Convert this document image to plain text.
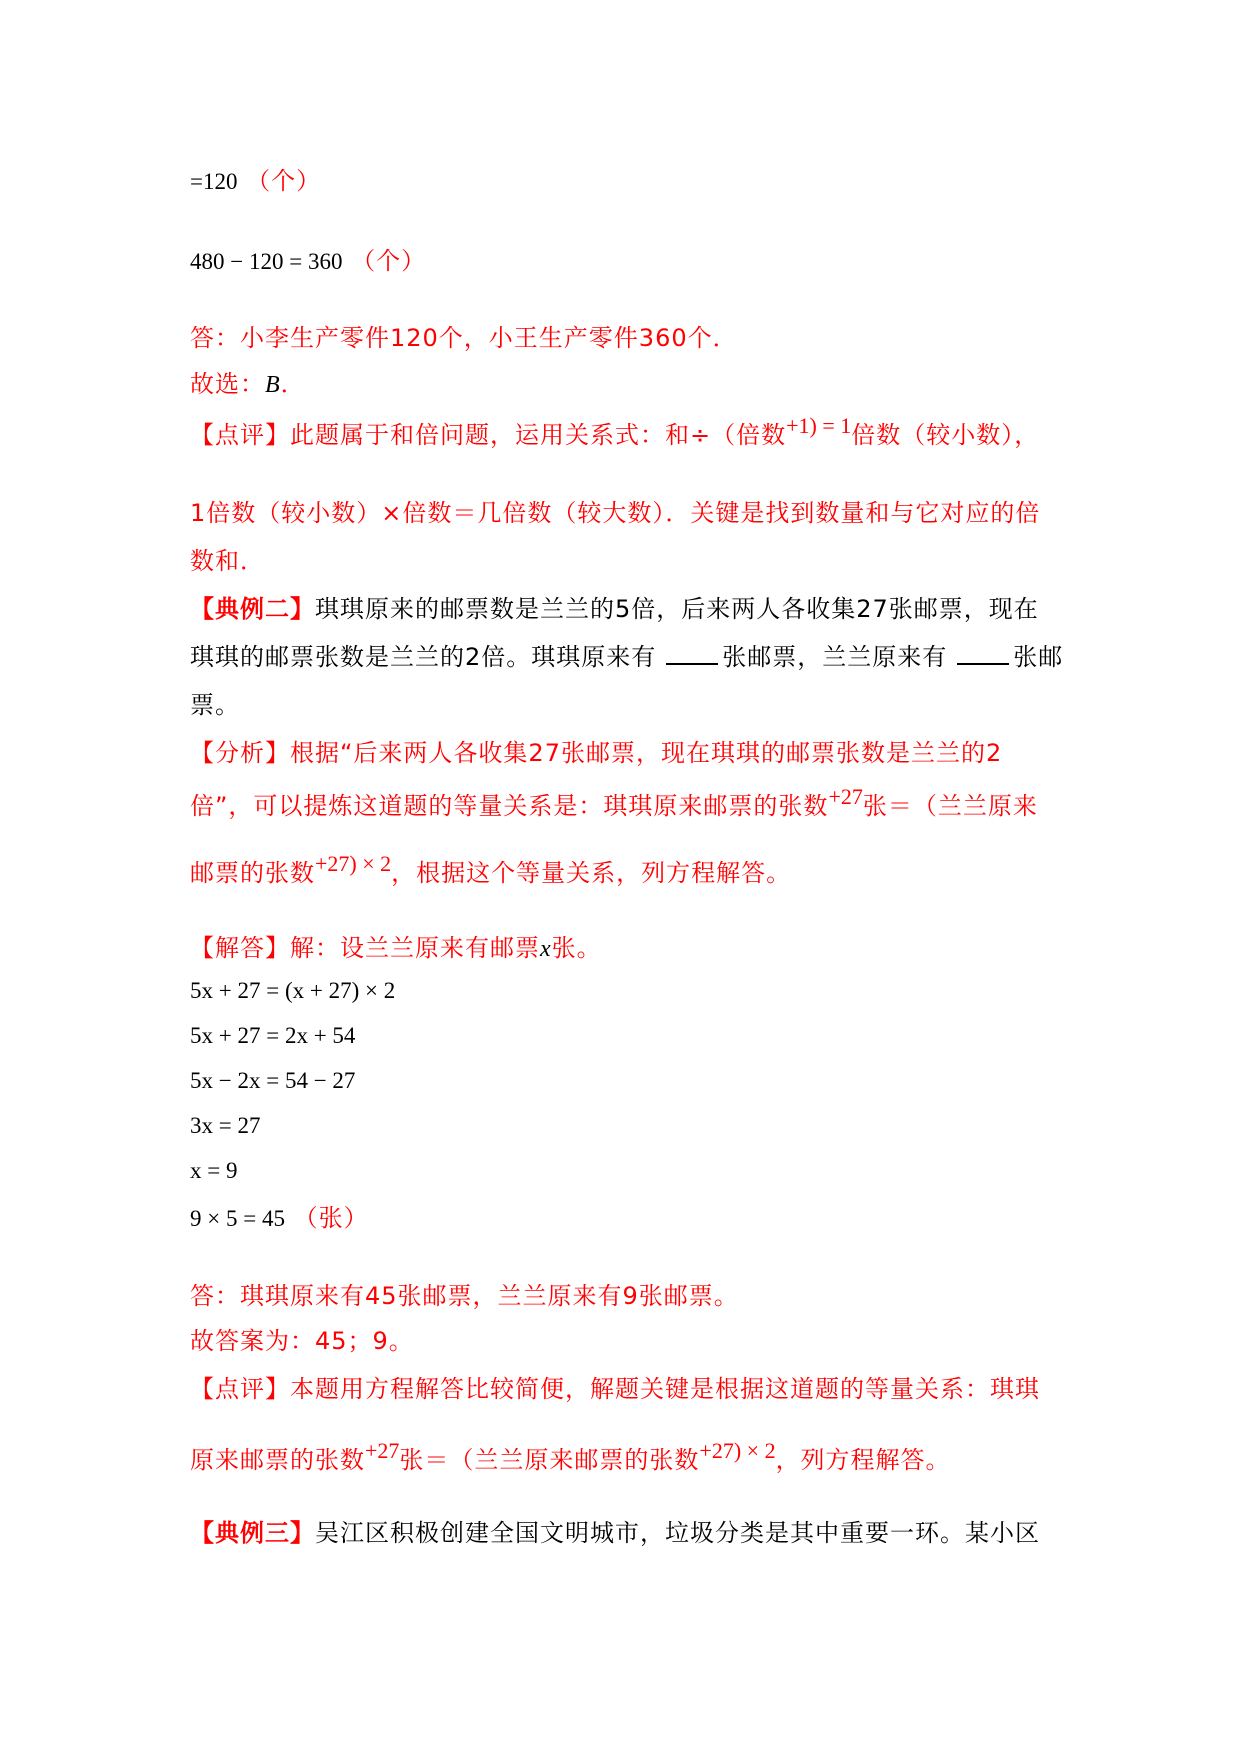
=120 （个）
480 − 120 = 360 （个）
答：小李生产零件120个，小王生产零件360个．
故选：B．
【点评】此题属于和倍问题，运用关系式：和÷（倍数+1) = 1倍数（较小数），
1倍数（较小数）×倍数＝几倍数（较大数）．关键是找到数量和与它对应的倍
数和．
【典例二】琪琪原来的邮票数是兰兰的5倍，后来两人各收集27张邮票，现在
琪琪的邮票张数是兰兰的2倍。琪琪原来有	张邮票，兰兰原来有	张邮
票。
【分析】根据“后来两人各收集27张邮票，现在琪琪的邮票张数是兰兰的2
倍”，可以提炼这道题的等量关系是：琪琪原来邮票的张数+27张＝（兰兰原来
邮票的张数+27) × 2，根据这个等量关系，列方程解答。
【解答】解：设兰兰原来有邮票x张。
5x + 27 = (x + 27) × 2
5x + 27 = 2x + 54
5x − 2x = 54 − 27
3x = 27
x = 9
9 × 5 = 45 （张）
答：琪琪原来有45张邮票，兰兰原来有9张邮票。
故答案为：45；9。
【点评】本题用方程解答比较简便，解题关键是根据这道题的等量关系：琪琪
原来邮票的张数+27张＝（兰兰原来邮票的张数+27) × 2，列方程解答。
【典例三】吴江区积极创建全国文明城市，垃圾分类是其中重要一环。某小区
